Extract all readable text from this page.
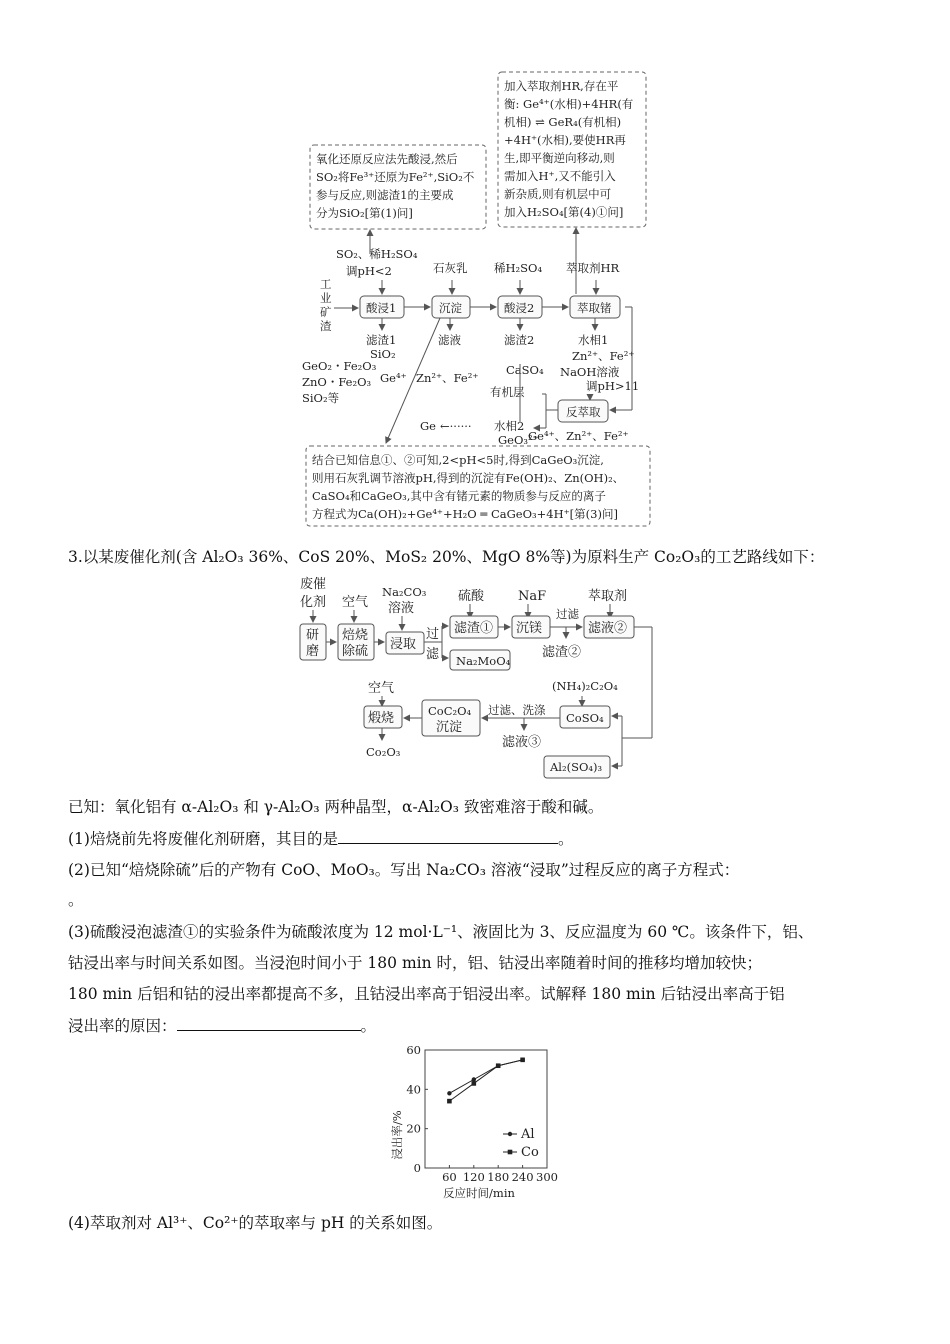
加入萃取剂HR,存在平
衡: Ge⁴⁺(水相)+4HR(有
机相) ⇌ GeR₄(有机相)
+4H⁺(水相),要使HR再
生,即平衡逆向移动,则
需加入H⁺,又不能引入
新杂质,则有机层中可
加入H₂SO₄[第(4)①问]
氧化还原反应法先酸浸,然后
SO₂将Fe³⁺还原为Fe²⁺,SiO₂不
参与反应,则滤渣1的主要成
分为SiO₂[第(1)问]
SO₂、稀H₂SO₄
调pH<2	石灰乳 稀H₂SO₄ 萃取剂HR
工
业
矿
渣
酸浸1	沉淀	酸浸2	萃取锗
滤渣1
SiO₂
滤液	滤渣2
CaSO₄
水相1
Zn²⁺、Fe²⁺
NaOH溶液
调pH>11
GeO₂・Fe₂O₃
ZnO・Fe₂O₃
SiO₂等
Ge⁴⁺ Zn²⁺、Fe²⁺
反萃取
有机层
Ge ←······ 水相2
GeO₃²⁻
Ge⁴⁺、Zn²⁺、Fe²⁺
结合已知信息①、②可知,2<pH<5时,得到CaGeO₃沉淀,
则用石灰乳调节溶液pH,得到的沉淀有Fe(OH)₂、Zn(OH)₂、
CaSO₄和CaGeO₃,其中含有锗元素的物质参与反应的离子
方程式为Ca(OH)₂+Ge⁴⁺+H₂O ═ CaGeO₃+4H⁺[第(3)问]
3.以某废催化剂(含 Al₂O₃ 36%、CoS 20%、MoS₂ 20%、MgO 8%等)为原料生产 Co₂O₃的工艺路线如下：
废催
化剂 空气
Na₂CO₃
溶液
硫酸	NaF	萃取剂
研
磨
焙烧
除硫 浸取
过
滤
滤渣① 沉镁
过滤
滤渣②
滤液②
Na₂MoO₄
(NH₄)₂C₂O₄
CoSO₄
过滤、洗涤
滤液③
CoC₂O₄
沉淀
空气
煅烧
Co₂O₃
Al₂(SO₄)₃
已知：氧化铝有 α-Al₂O₃ 和 γ-Al₂O₃ 两种晶型，α-Al₂O₃ 致密难溶于酸和碱。
(1)焙烧前先将废催化剂研磨，其目的是	。
(2)已知“焙烧除硫”后的产物有 CoO、MoO₃。写出 Na₂CO₃ 溶液“浸取”过程反应的离子方程式：
。
(3)硫酸浸泡滤渣①的实验条件为硫酸浓度为 12 mol·L⁻¹、液固比为 3、反应温度为 60 ℃。该条件下，铝、
钴浸出率与时间关系如图。当浸泡时间小于 180 min 时，铝、钴浸出率随着时间的推移均增加较快；
180 min 后铝和钴的浸出率都提高不多，且钴浸出率高于铝浸出率。试解释 180 min 后钴浸出率高于铝
浸出率的原因：	。
浸出率/%
反应时间/min
0
20
40
60
60 120 180 240 300
Al
Co
(4)萃取剂对 Al³⁺、Co²⁺的萃取率与 pH 的关系如图。
